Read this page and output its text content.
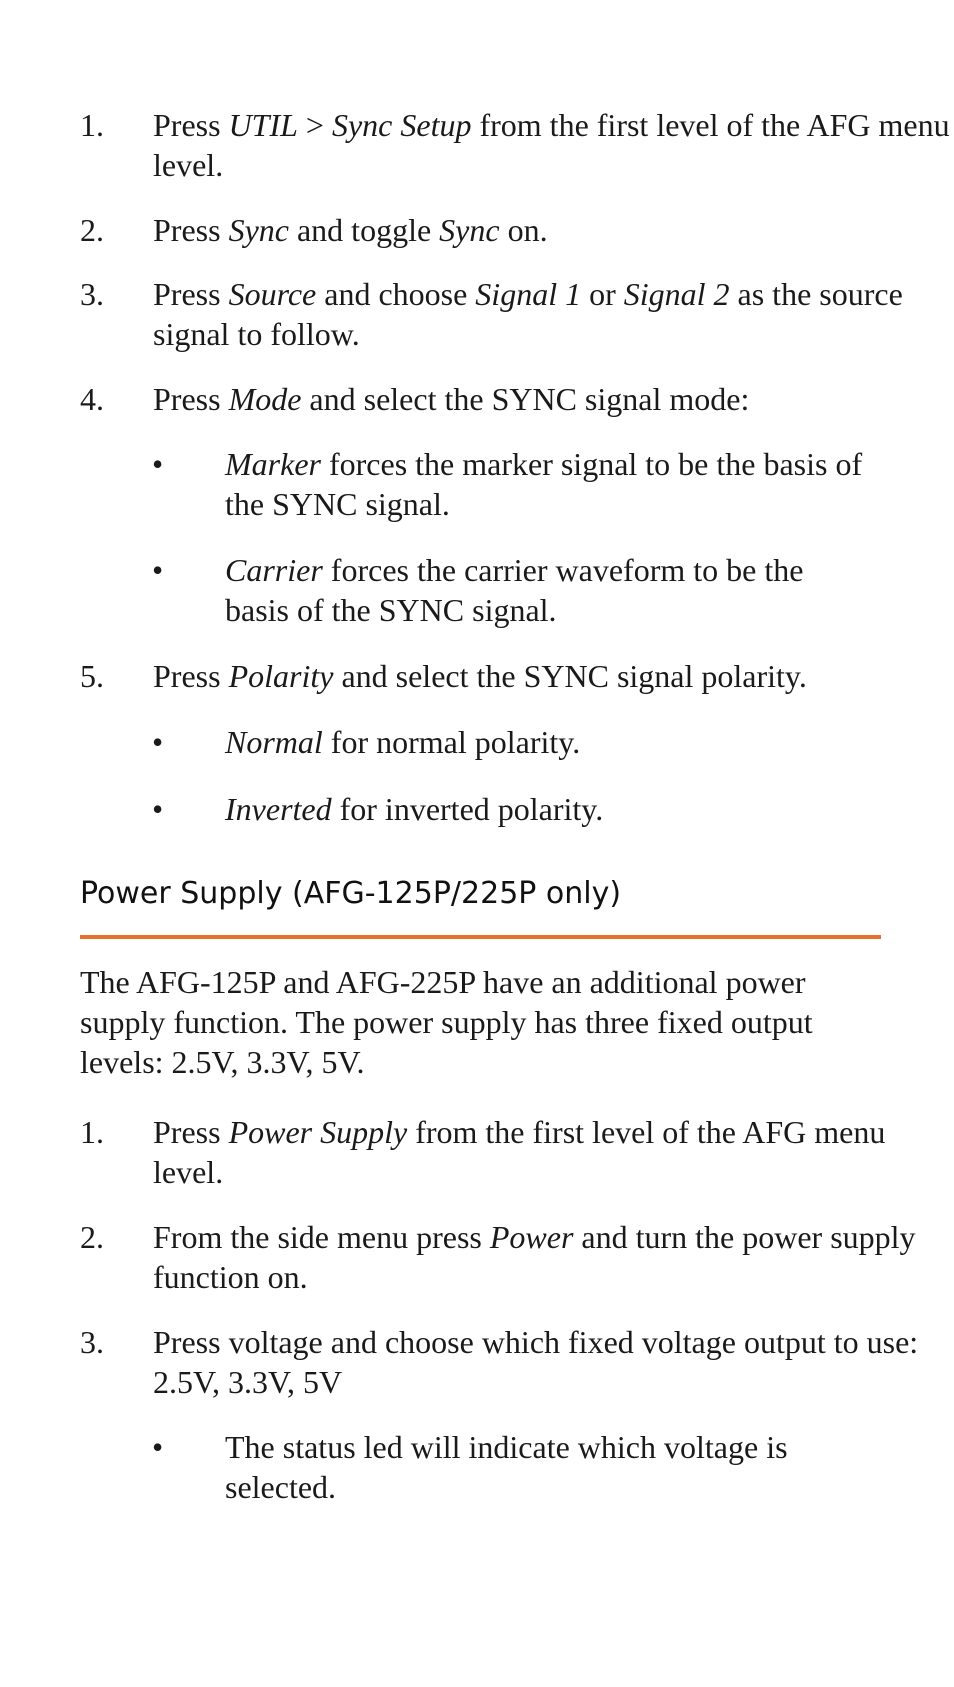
1.	Press UTIL > Sync Setup from the first level of the AFG menu level.
2.	Press Sync and toggle Sync on.
3.	Press Source and choose Signal 1 or Signal 2 as the source signal to follow.
4.	Press Mode and select the SYNC signal mode:
• Marker forces the marker signal to be the basis of the SYNC signal.
• Carrier forces the carrier waveform to be the basis of the SYNC signal.
5.	Press Polarity and select the SYNC signal polarity.
• Normal for normal polarity.
• Inverted for inverted polarity.
Power Supply (AFG-125P/225P only)
The AFG-125P and AFG-225P have an additional power supply function. The power supply has three fixed output levels: 2.5V, 3.3V, 5V.
1.	Press Power Supply from the first level of the AFG menu level.
2.	From the side menu press Power and turn the power supply function on.
3.	Press voltage and choose which fixed voltage output to use: 2.5V, 3.3V, 5V
• The status led will indicate which voltage is selected.
